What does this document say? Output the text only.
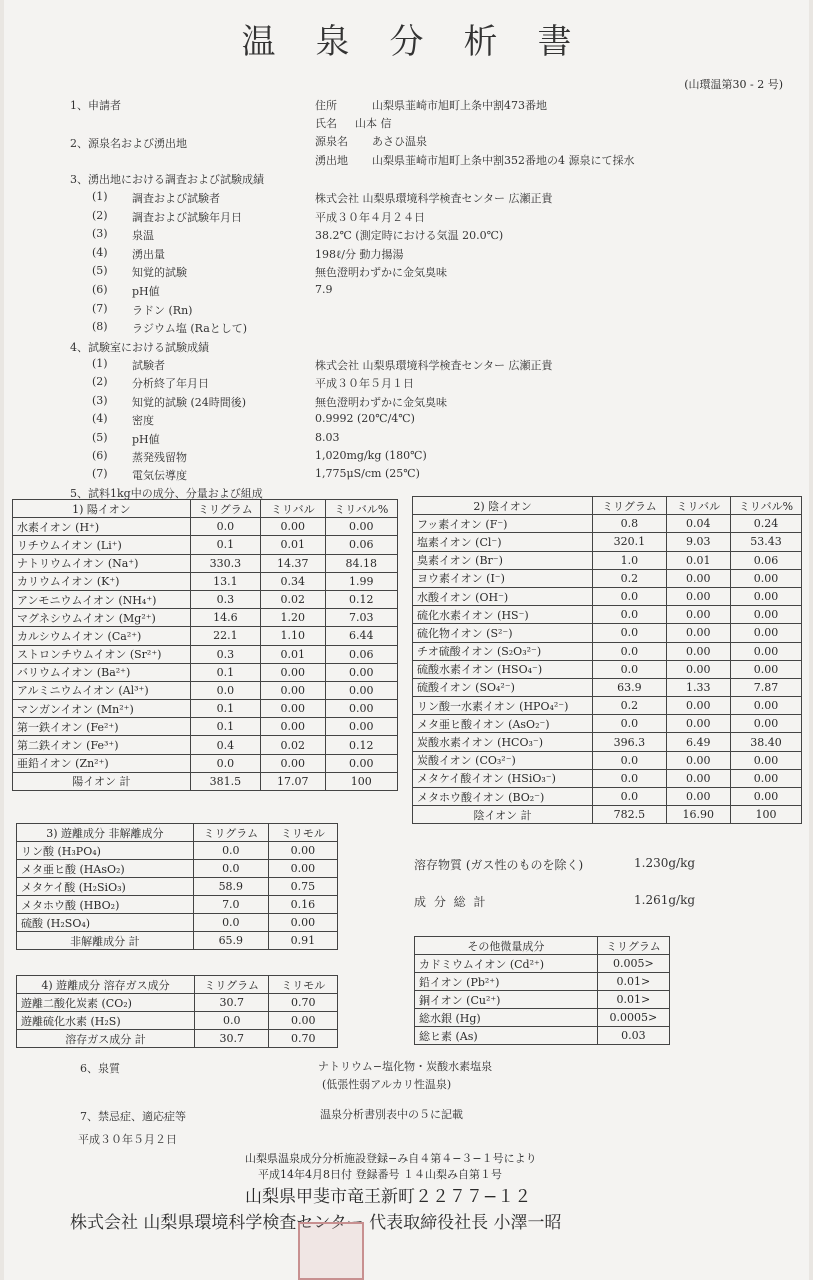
温泉分析書
(山環温第30 - 2 号)
1、申請者	住所	山梨県韮崎市旭町上条中割473番地
氏名 山本 信
2、源泉名および湧出地	源泉名 あさひ温泉
湧出地 山梨県韮崎市旭町上条中割352番地の4 源泉にて採水
3、湧出地における調査および試験成績
(1) 調査および試験者	株式会社 山梨県環境科学検査センター 広瀬正貴
(2) 調査および試験年月日	平成３０年４月２４日
(3) 泉温	38.2℃ (測定時における気温 20.0℃)
(4) 湧出量	198ℓ/分 動力揚湯
(5) 知覚的試験	無色澄明わずかに金気臭味
(6) pH値	7.9
(7) ラドン (Rn)
(8) ラジウム塩 (Raとして)
4、試験室における試験成績
(1) 試験者	株式会社 山梨県環境科学検査センター 広瀬正貴
(2) 分析終了年月日	平成３０年５月１日
(3) 知覚的試験 (24時間後)	無色澄明わずかに金気臭味
(4) 密度	0.9992 (20℃/4℃)
(5) pH値	8.03
(6) 蒸発残留物	1,020mg/kg (180℃)
(7) 電気伝導度	1,775μS/cm (25℃)
5、試料1kg中の成分、分量および組成
1) 陽イオン	ミリグラム	ミリバル	ミリバル%
水素イオン (H⁺)	0.0	0.00	0.00
リチウムイオン (Li⁺)	0.1	0.01	0.06
ナトリウムイオン (Na⁺)	330.3	14.37	84.18
カリウムイオン (K⁺)	13.1	0.34	1.99
アンモニウムイオン (NH₄⁺)	0.3	0.02	0.12
マグネシウムイオン (Mg²⁺)	14.6	1.20	7.03
カルシウムイオン (Ca²⁺)	22.1	1.10	6.44
ストロンチウムイオン (Sr²⁺)	0.3	0.01	0.06
バリウムイオン (Ba²⁺)	0.1	0.00	0.00
アルミニウムイオン (Al³⁺)	0.0	0.00	0.00
マンガンイオン (Mn²⁺)	0.1	0.00	0.00
第一鉄イオン (Fe²⁺)	0.1	0.00	0.00
第二鉄イオン (Fe³⁺)	0.4	0.02	0.12
亜鉛イオン (Zn²⁺)	0.0	0.00	0.00
陽イオン 計	381.5	17.07	100
2) 陰イオン	ミリグラム	ミリバル	ミリバル%
フッ素イオン (F⁻)	0.8	0.04	0.24
塩素イオン (Cl⁻)	320.1	9.03	53.43
臭素イオン (Br⁻)	1.0	0.01	0.06
ヨウ素イオン (I⁻)	0.2	0.00	0.00
水酸イオン (OH⁻)	0.0	0.00	0.00
硫化水素イオン (HS⁻)	0.0	0.00	0.00
硫化物イオン (S²⁻)	0.0	0.00	0.00
チオ硫酸イオン (S₂O₃²⁻)	0.0	0.00	0.00
硫酸水素イオン (HSO₄⁻)	0.0	0.00	0.00
硫酸イオン (SO₄²⁻)	63.9	1.33	7.87
リン酸一水素イオン (HPO₄²⁻)	0.2	0.00	0.00
メタ亜ヒ酸イオン (AsO₂⁻)	0.0	0.00	0.00
炭酸水素イオン (HCO₃⁻)	396.3	6.49	38.40
炭酸イオン (CO₃²⁻)	0.0	0.00	0.00
メタケイ酸イオン (HSiO₃⁻)	0.0	0.00	0.00
メタホウ酸イオン (BO₂⁻)	0.0	0.00	0.00
陰イオン 計	782.5	16.90	100
3) 遊離成分 非解離成分	ミリグラム	ミリモル
リン酸 (H₃PO₄)	0.0	0.00
メタ亜ヒ酸 (HAsO₂)	0.0	0.00
メタケイ酸 (H₂SiO₃)	58.9	0.75
メタホウ酸 (HBO₂)	7.0	0.16
硫酸 (H₂SO₄)	0.0	0.00
非解離成分 計	65.9	0.91
4) 遊離成分 溶存ガス成分	ミリグラム	ミリモル
遊離二酸化炭素 (CO₂)	30.7	0.70
遊離硫化水素 (H₂S)	0.0	0.00
溶存ガス成分 計	30.7	0.70
溶存物質 (ガス性のものを除く)	1.230g/kg
成 分 総 計	1.261g/kg
その他微量成分	ミリグラム
カドミウムイオン (Cd²⁺)	0.005>
鉛イオン (Pb²⁺)	0.01>
銅イオン (Cu²⁺)	0.01>
総水銀 (Hg)	0.0005>
総ヒ素 (As)	0.03
6、泉質	ナトリウム−塩化物・炭酸水素塩泉
(低張性弱アルカリ性温泉)
7、禁忌症、適応症等	温泉分析書別表中の５に記載
平成３０年５月２日
山梨県温泉成分分析施設登録−み自４第４−３−１号により
平成14年4月8日付 登録番号 １４山梨み自第１号
山梨県甲斐市竜王新町２２７７−１２
株式会社 山梨県環境科学検査センター 代表取締役社長 小澤一昭
